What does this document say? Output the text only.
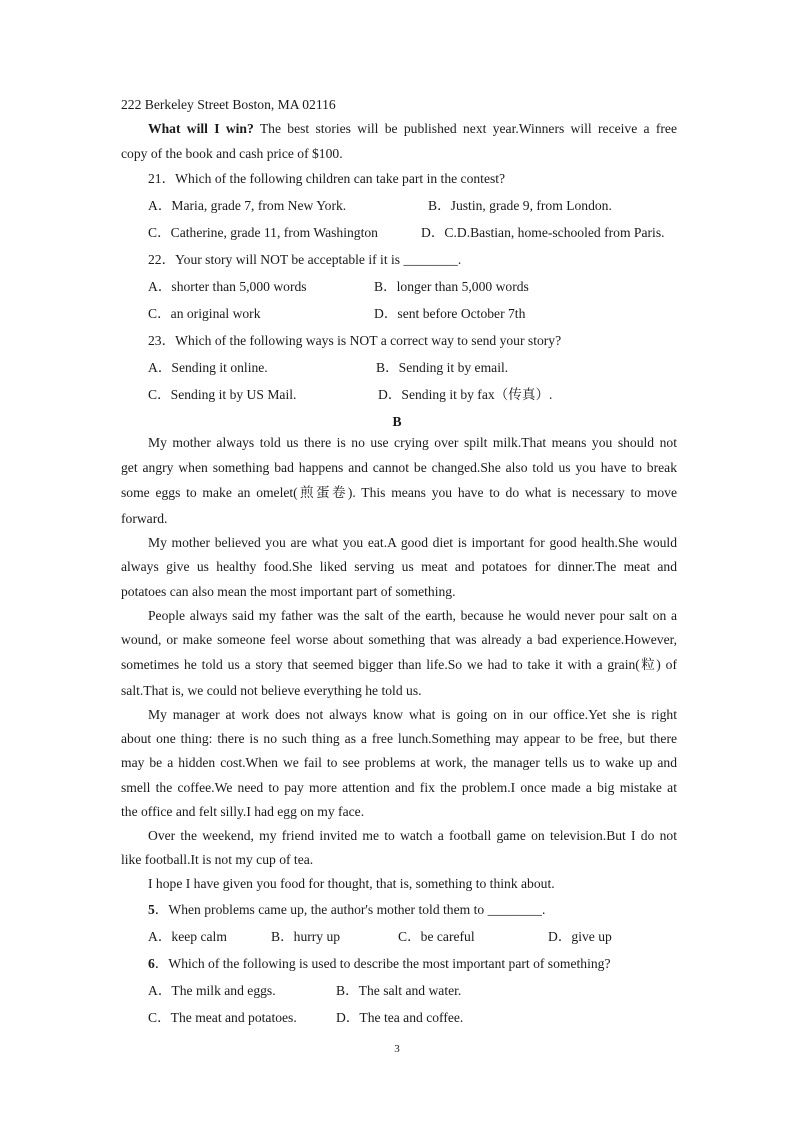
222 Berkeley Street Boston, MA 02116
What will I win? The best stories will be published next year.Winners will receive a free
copy of the book and cash price of $100.
21．Which of the following children can take part in the contest?
A．Maria, grade 7, from New York.	B．Justin, grade 9, from London.
C．Catherine, grade 11, from Washington	D．C.D.Bastian, home-schooled from Paris.
22．Your story will NOT be acceptable if it is ________.
A．shorter than 5,000 words	B．longer than 5,000 words
C．an original work	D．sent before October 7th
23．Which of the following ways is NOT a correct way to send your story?
A．Sending it online.	B．Sending it by email.
C．Sending it by US Mail.	D．Sending it by fax（传真）.
B
My mother always told us there is no use crying over spilt milk.That means you should not
get angry when something bad happens and cannot be changed.She also told us you have to break
some eggs to make an omelet(煎蛋卷). This means you have to do what is necessary to move
forward.
My mother believed you are what you eat.A good diet is important for good health.She would
always give us healthy food.She liked serving us meat and potatoes for dinner.The meat and
potatoes can also mean the most important part of something.
People always said my father was the salt of the earth, because he would never pour salt on a
wound, or make someone feel worse about something that was already a bad experience.However,
sometimes he told us a story that seemed bigger than life.So we had to take it with a grain(粒) of
salt.That is, we could not believe everything he told us.
My manager at work does not always know what is going on in our office.Yet she is right
about one thing: there is no such thing as a free lunch.Something may appear to be free, but there
may be a hidden cost.When we fail to see problems at work, the manager tells us to wake up and
smell the coffee.We need to pay more attention and fix the problem.I once made a big mistake at
the office and felt silly.I had egg on my face.
Over the weekend, my friend invited me to watch a football game on television.But I do not
like football.It is not my cup of tea.
I hope I have given you food for thought, that is, something to think about.
5．When problems came up, the author's mother told them to ________.
A．keep calm	B．hurry up	C．be careful	D．give up
6．Which of the following is used to describe the most important part of something?
A．The milk and eggs.	B．The salt and water.
C．The meat and potatoes.	D．The tea and coffee.
3
